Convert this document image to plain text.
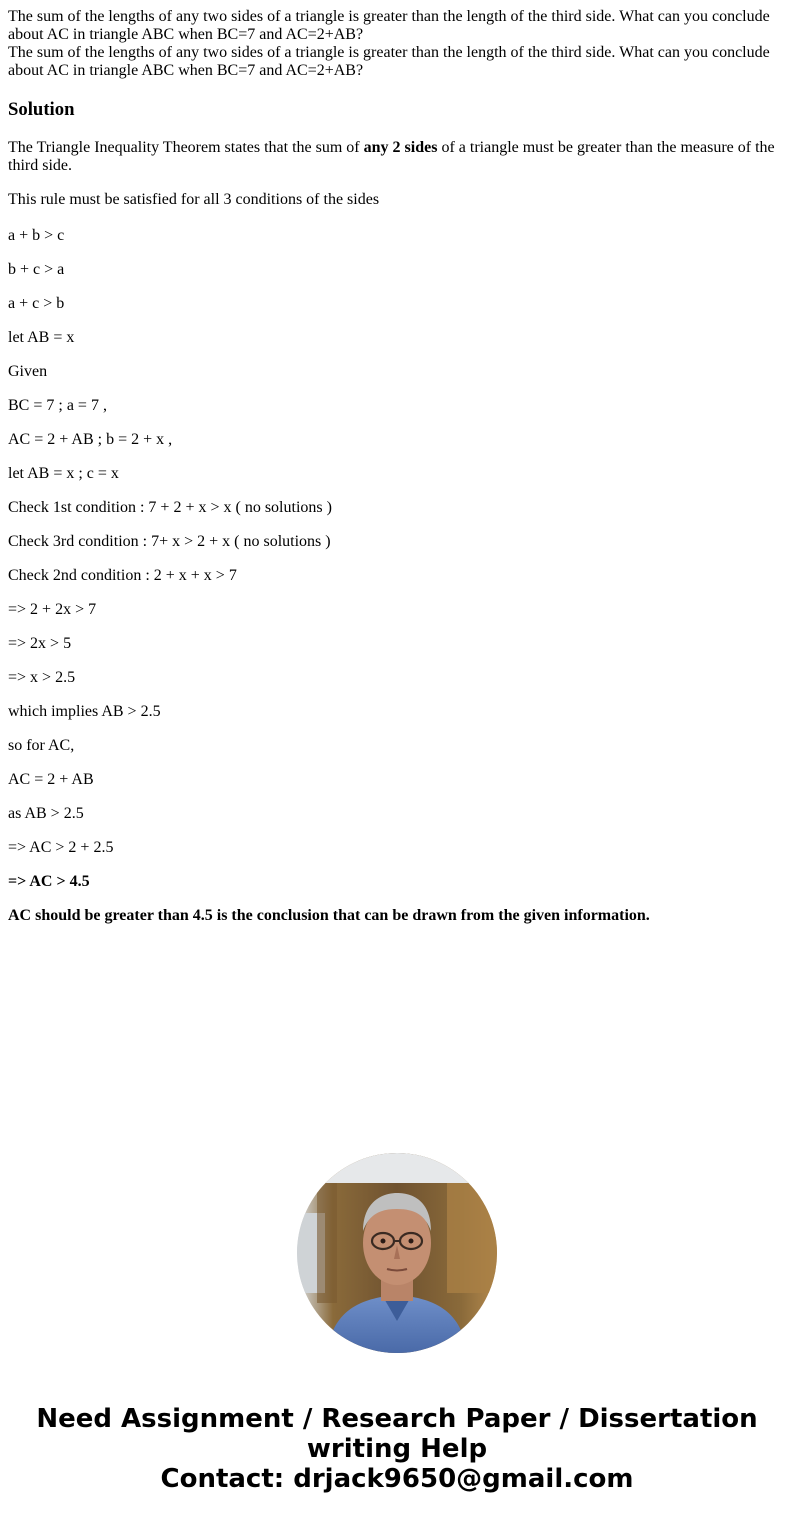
The sum of the lengths of any two sides of a triangle is greater than the length of the third side. What can you conclude about AC in triangle ABC when BC=7 and AC=2+AB?

The sum of the lengths of any two sides of a triangle is greater than the length of the third side. What can you conclude about AC in triangle ABC when BC=7 and AC=2+AB?

Solution

The Triangle Inequality Theorem states that the sum of any 2 sides of a triangle must be greater than the measure of the third side.

This rule must be satisfied for all 3 conditions of the sides

a + b > c

b + c > a

a + c > b

let AB = x

Given

BC = 7 ; a = 7 ,

AC = 2 + AB ; b = 2 + x ,

let AB = x ; c = x

Check 1st condition : 7 + 2 + x > x ( no solutions )

Check 3rd condition : 7+ x > 2 + x ( no solutions )

Check 2nd condition : 2 + x + x > 7

=> 2 + 2x > 7

=> 2x > 5

=> x > 2.5

which implies AB > 2.5

so for AC,

AC = 2 + AB

as AB > 2.5

=> AC > 2 + 2.5

=> AC > 4.5

AC should be greater than 4.5 is the conclusion that can be drawn from the given information.

Need Assignment / Research Paper / Dissertation
writing Help
Contact: drjack9650@gmail.com
